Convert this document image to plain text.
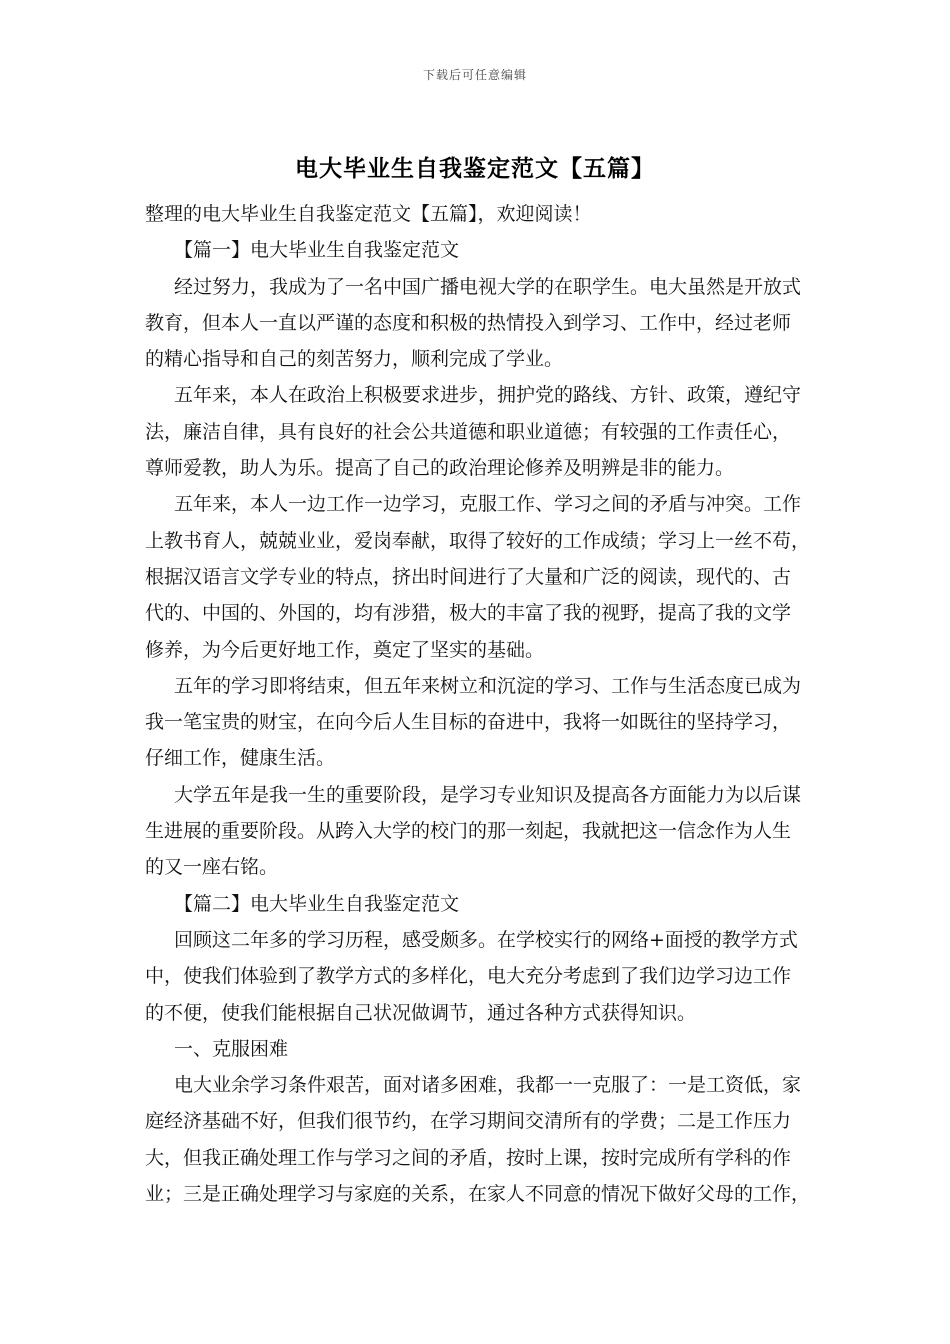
下载后可任意编辑
电大毕业生自我鉴定范文【五篇】
整理的电大毕业生自我鉴定范文【五篇】，欢迎阅读！
【篇一】电大毕业生自我鉴定范文
经过努力，我成为了一名中国广播电视大学的在职学生。电大虽然是开放式
教育，但本人一直以严谨的态度和积极的热情投入到学习、工作中，经过老师
的精心指导和自己的刻苦努力，顺利完成了学业。
五年来，本人在政治上积极要求进步，拥护党的路线、方针、政策，遵纪守
法，廉洁自律，具有良好的社会公共道德和职业道德；有较强的工作责任心，
尊师爱教，助人为乐。提高了自己的政治理论修养及明辨是非的能力。
五年来，本人一边工作一边学习，克服工作、学习之间的矛盾与冲突。工作
上教书育人，兢兢业业，爱岗奉献，取得了较好的工作成绩；学习上一丝不苟，
根据汉语言文学专业的特点，挤出时间进行了大量和广泛的阅读，现代的、古
代的、中国的、外国的，均有涉猎，极大的丰富了我的视野，提高了我的文学
修养，为今后更好地工作，奠定了坚实的基础。
五年的学习即将结束，但五年来树立和沉淀的学习、工作与生活态度已成为
我一笔宝贵的财宝，在向今后人生目标的奋进中，我将一如既往的坚持学习，
仔细工作，健康生活。
大学五年是我一生的重要阶段，是学习专业知识及提高各方面能力为以后谋
生进展的重要阶段。从跨入大学的校门的那一刻起，我就把这一信念作为人生
的又一座右铭。
【篇二】电大毕业生自我鉴定范文
回顾这二年多的学习历程，感受颇多。在学校实行的网络+面授的教学方式
中，使我们体验到了教学方式的多样化，电大充分考虑到了我们边学习边工作
的不便，使我们能根据自己状况做调节，通过各种方式获得知识。
一、克服困难
电大业余学习条件艰苦，面对诸多困难，我都一一克服了：一是工资低，家
庭经济基础不好，但我们很节约，在学习期间交清所有的学费；二是工作压力
大，但我正确处理工作与学习之间的矛盾，按时上课，按时完成所有学科的作
业；三是正确处理学习与家庭的关系，在家人不同意的情况下做好父母的工作，
